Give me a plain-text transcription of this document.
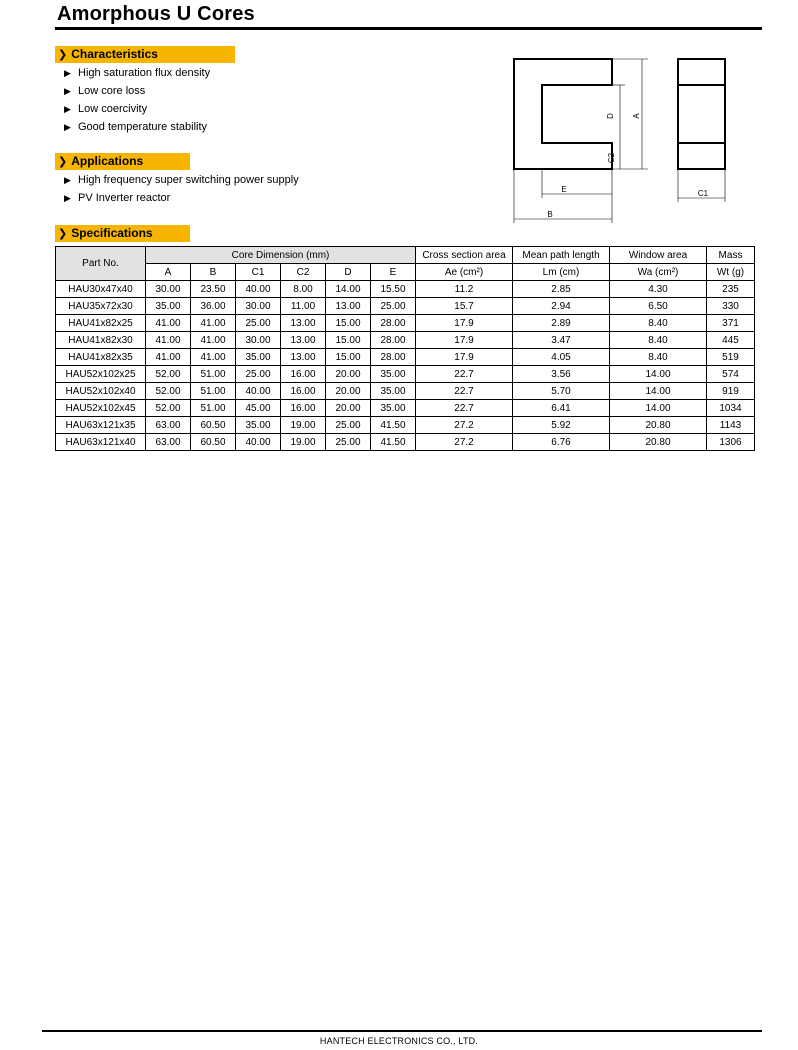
Amorphous U Cores
❯ Characteristics
▶ High saturation flux density
▶ Low core loss
▶ Low coercivity
▶ Good temperature stability
❯ Applications
▶ High frequency super switching power supply
▶ PV Inverter reactor
❯ Specifications
A
D
C2
E
B
C1
Part No.	Core Dimension (mm)						Cross section area	Mean path length	Window area	Mass
	A	B	C1	C2	D	E	Ae (cm²)	Lm (cm)	Wa (cm²)	Wt (g)
HAU30x47x40	30.00	23.50	40.00	8.00	14.00	15.50	11.2	2.85	4.30	235
HAU35x72x30	35.00	36.00	30.00	11.00	13.00	25.00	15.7	2.94	6.50	330
HAU41x82x25	41.00	41.00	25.00	13.00	15.00	28.00	17.9	2.89	8.40	371
HAU41x82x30	41.00	41.00	30.00	13.00	15.00	28.00	17.9	3.47	8.40	445
HAU41x82x35	41.00	41.00	35.00	13.00	15.00	28.00	17.9	4.05	8.40	519
HAU52x102x25	52.00	51.00	25.00	16.00	20.00	35.00	22.7	3.56	14.00	574
HAU52x102x40	52.00	51.00	40.00	16.00	20.00	35.00	22.7	5.70	14.00	919
HAU52x102x45	52.00	51.00	45.00	16.00	20.00	35.00	22.7	6.41	14.00	1034
HAU63x121x35	63.00	60.50	35.00	19.00	25.00	41.50	27.2	5.92	20.80	1143
HAU63x121x40	63.00	60.50	40.00	19.00	25.00	41.50	27.2	6.76	20.80	1306
HANTECH ELECTRONICS CO., LTD.
